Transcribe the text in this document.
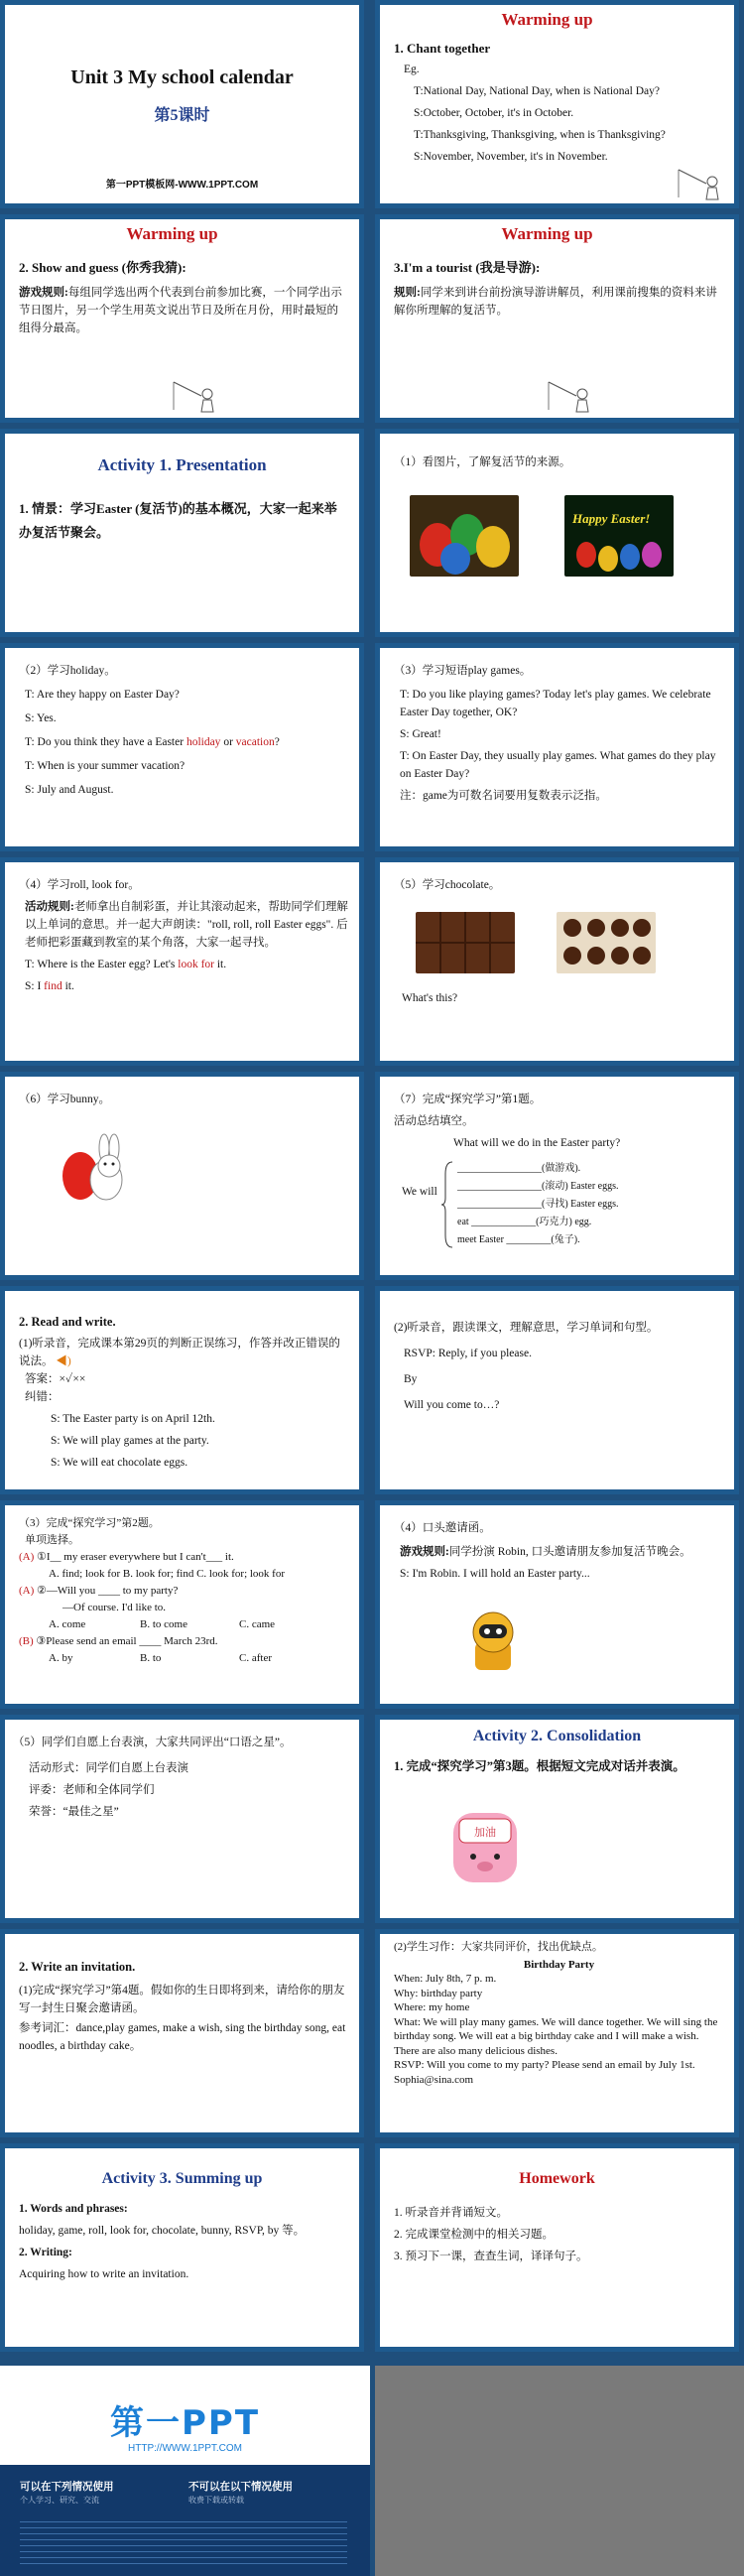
Unit 3 My school calendar
第5课时
第一PPT模板网-WWW.1PPT.COM
Warming up
1. Chant together
Eg.
T:National Day, National Day, when is National Day?
S:October, October, it's in October.
T:Thanksgiving, Thanksgiving, when is Thanksgiving?
S:November, November, it's in November.
Warming up
2. Show and guess (你秀我猜):
游戏规则:每组同学选出两个代表到台前参加比赛，一个同学出示节日图片，另一个学生用英文说出节日及所在月份，用时最短的组得分最高。
Warming up
3.I'm a tourist (我是导游):
规则:同学来到讲台前扮演导游讲解员，利用课前搜集的资料来讲解你所理解的复活节。
Activity 1. Presentation
1. 情景：学习Easter (复活节)的基本概况，大家一起来举办复活节聚会。
（1）看图片，了解复活节的来源。
Happy Easter!
（2）学习holiday。
T: Are they happy on Easter Day?
S: Yes.
T: Do you think they have a Easter holiday or vacation?
T: When is your summer vacation?
S: July and August.
（3）学习短语play games。
T: Do you like playing games? Today let's play games. We celebrate Easter Day together, OK?
S: Great!
T: On Easter Day, they usually play games. What games do they play on Easter Day?
注：game为可数名词要用复数表示泛指。
（4）学习roll, look for。
活动规则:老师拿出自制彩蛋，并让其滚动起来，帮助同学们理解以上单词的意思。并一起大声朗读："roll, roll, roll Easter eggs". 后老师把彩蛋藏到教室的某个角落，大家一起寻找。
T: Where is the Easter egg? Let's look for it.
S: I find it.
（5）学习chocolate。
What's this?
（6）学习bunny。	（7）完成“探究学习”第1题。
活动总结填空。
What will we do in the Easter party?
We will
_________________(做游戏).
_________________(滚动) Easter eggs.
_________________(寻找) Easter eggs.
eat _____________(巧克力) egg.
meet Easter _________(兔子).
2. Read and write.
(1)听录音，完成课本第29页的判断正误练习，作答并改正错误的说法。 ◀)
答案：×✓××
纠错：
S: The Easter party is on April 12th.
S: We will play games at the party.
S: We will eat chocolate eggs.
(2)听录音，跟读课文，理解意思，学习单词和句型。
RSVP: Reply, if you please.
By
Will you come to…?
（3）完成“探究学习”第2题。
单项选择。
(A) ①I__ my eraser everywhere but I can't___ it.
A. find; look for B. look for; find C. look for; look for
(A) ②—Will you ____ to my party?
—Of course. I'd like to.
A. come	B. to come	C. came
(B) ③Please send an email ____ March 23rd.
A. by	B. to	C. after
（4）口头邀请函。
游戏规则:同学扮演 Robin, 口头邀请朋友参加复活节晚会。
S: I'm Robin. I will hold an Easter party...
（5）同学们自愿上台表演，大家共同评出“口语之星”。
活动形式：同学们自愿上台表演
评委：老师和全体同学们
荣誉：“最佳之星”
Activity 2. Consolidation
1. 完成“探究学习”第3题。根据短文完成对话并表演。
加油
2. Write an invitation.
(1)完成“探究学习”第4题。假如你的生日即将到来，请给你的朋友写一封生日聚会邀请函。
参考词汇：dance,play games, make a wish, sing the birthday song, eat noodles, a birthday cake。
(2)学生习作：大家共同评价，找出优缺点。
Birthday Party
When: July 8th, 7 p. m.
Why: birthday party
Where: my home
What: We will play many games. We will dance together. We will sing the birthday song. We will eat a big birthday cake and I will make a wish. There are also many delicious dishes.
RSVP: Will you come to my party? Please send an email by July 1st.
Sophia@sina.com
Activity 3. Summing up
1. Words and phrases:
holiday, game, roll, look for, chocolate, bunny, RSVP, by 等。
2. Writing:
Acquiring how to write an invitation.
Homework
1. 听录音并背诵短文。
2. 完成课堂检测中的相关习题。
3. 预习下一课，查查生词，译译句子。
第一PPT
HTTP://WWW.1PPT.COM
可以在下列情况使用
个人学习、研究、交流
不可以在以下情况使用
收费下载或转载
